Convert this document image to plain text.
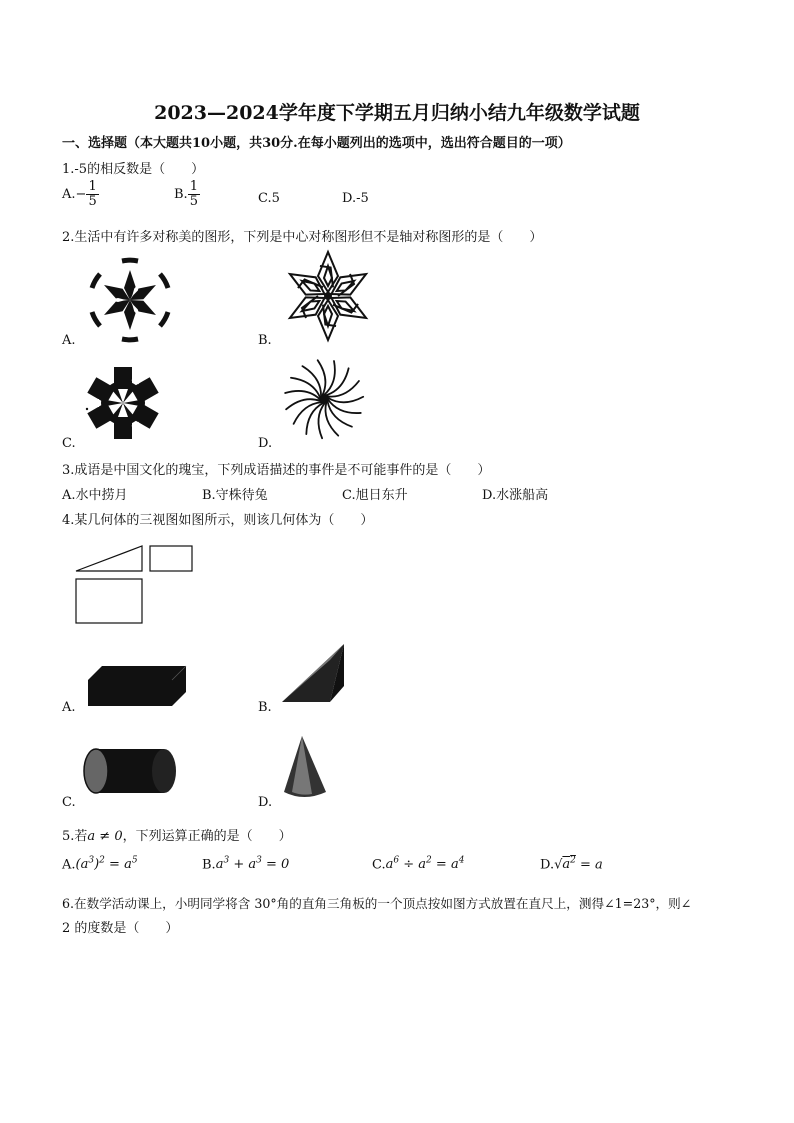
2023—2024学年度下学期五月归纳小结九年级数学试题
一、选择题（本大题共10小题，共30分.在每小题列出的选项中，选出符合题目的一项）
1.-5的相反数是（　　）
$A.- \frac{1}{5}$	B. $\frac{1}{5}$	C.5	D.-5
2.生活中有许多对称美的图形，下列是中心对称图形但不是轴对称图形的是（　　）
A.	B.
C.	D.
3.成语是中国文化的瑰宝，下列成语描述的事件是不可能事件的是（　　）
A.水中捞月	B.守株待兔	C.旭日东升	D.水涨船高
4.某几何体的三视图如图所示，则该几何体为（　　）
A.	B.
C.	D.
5.若a ≠ 0，下列运算正确的是（　　）
$A.(a^3)^2 = a^5$	$B.a^3 + a^3 = 0$	$C.a^6 \div a^2 = a^4$	$D.√a^2 = a$
6.在数学活动课上，小明同学将含 30°角的直角三角板的一个顶点按如图方式放置在直尺上，测得∠1=23°，则∠
2 的度数是（　　）
